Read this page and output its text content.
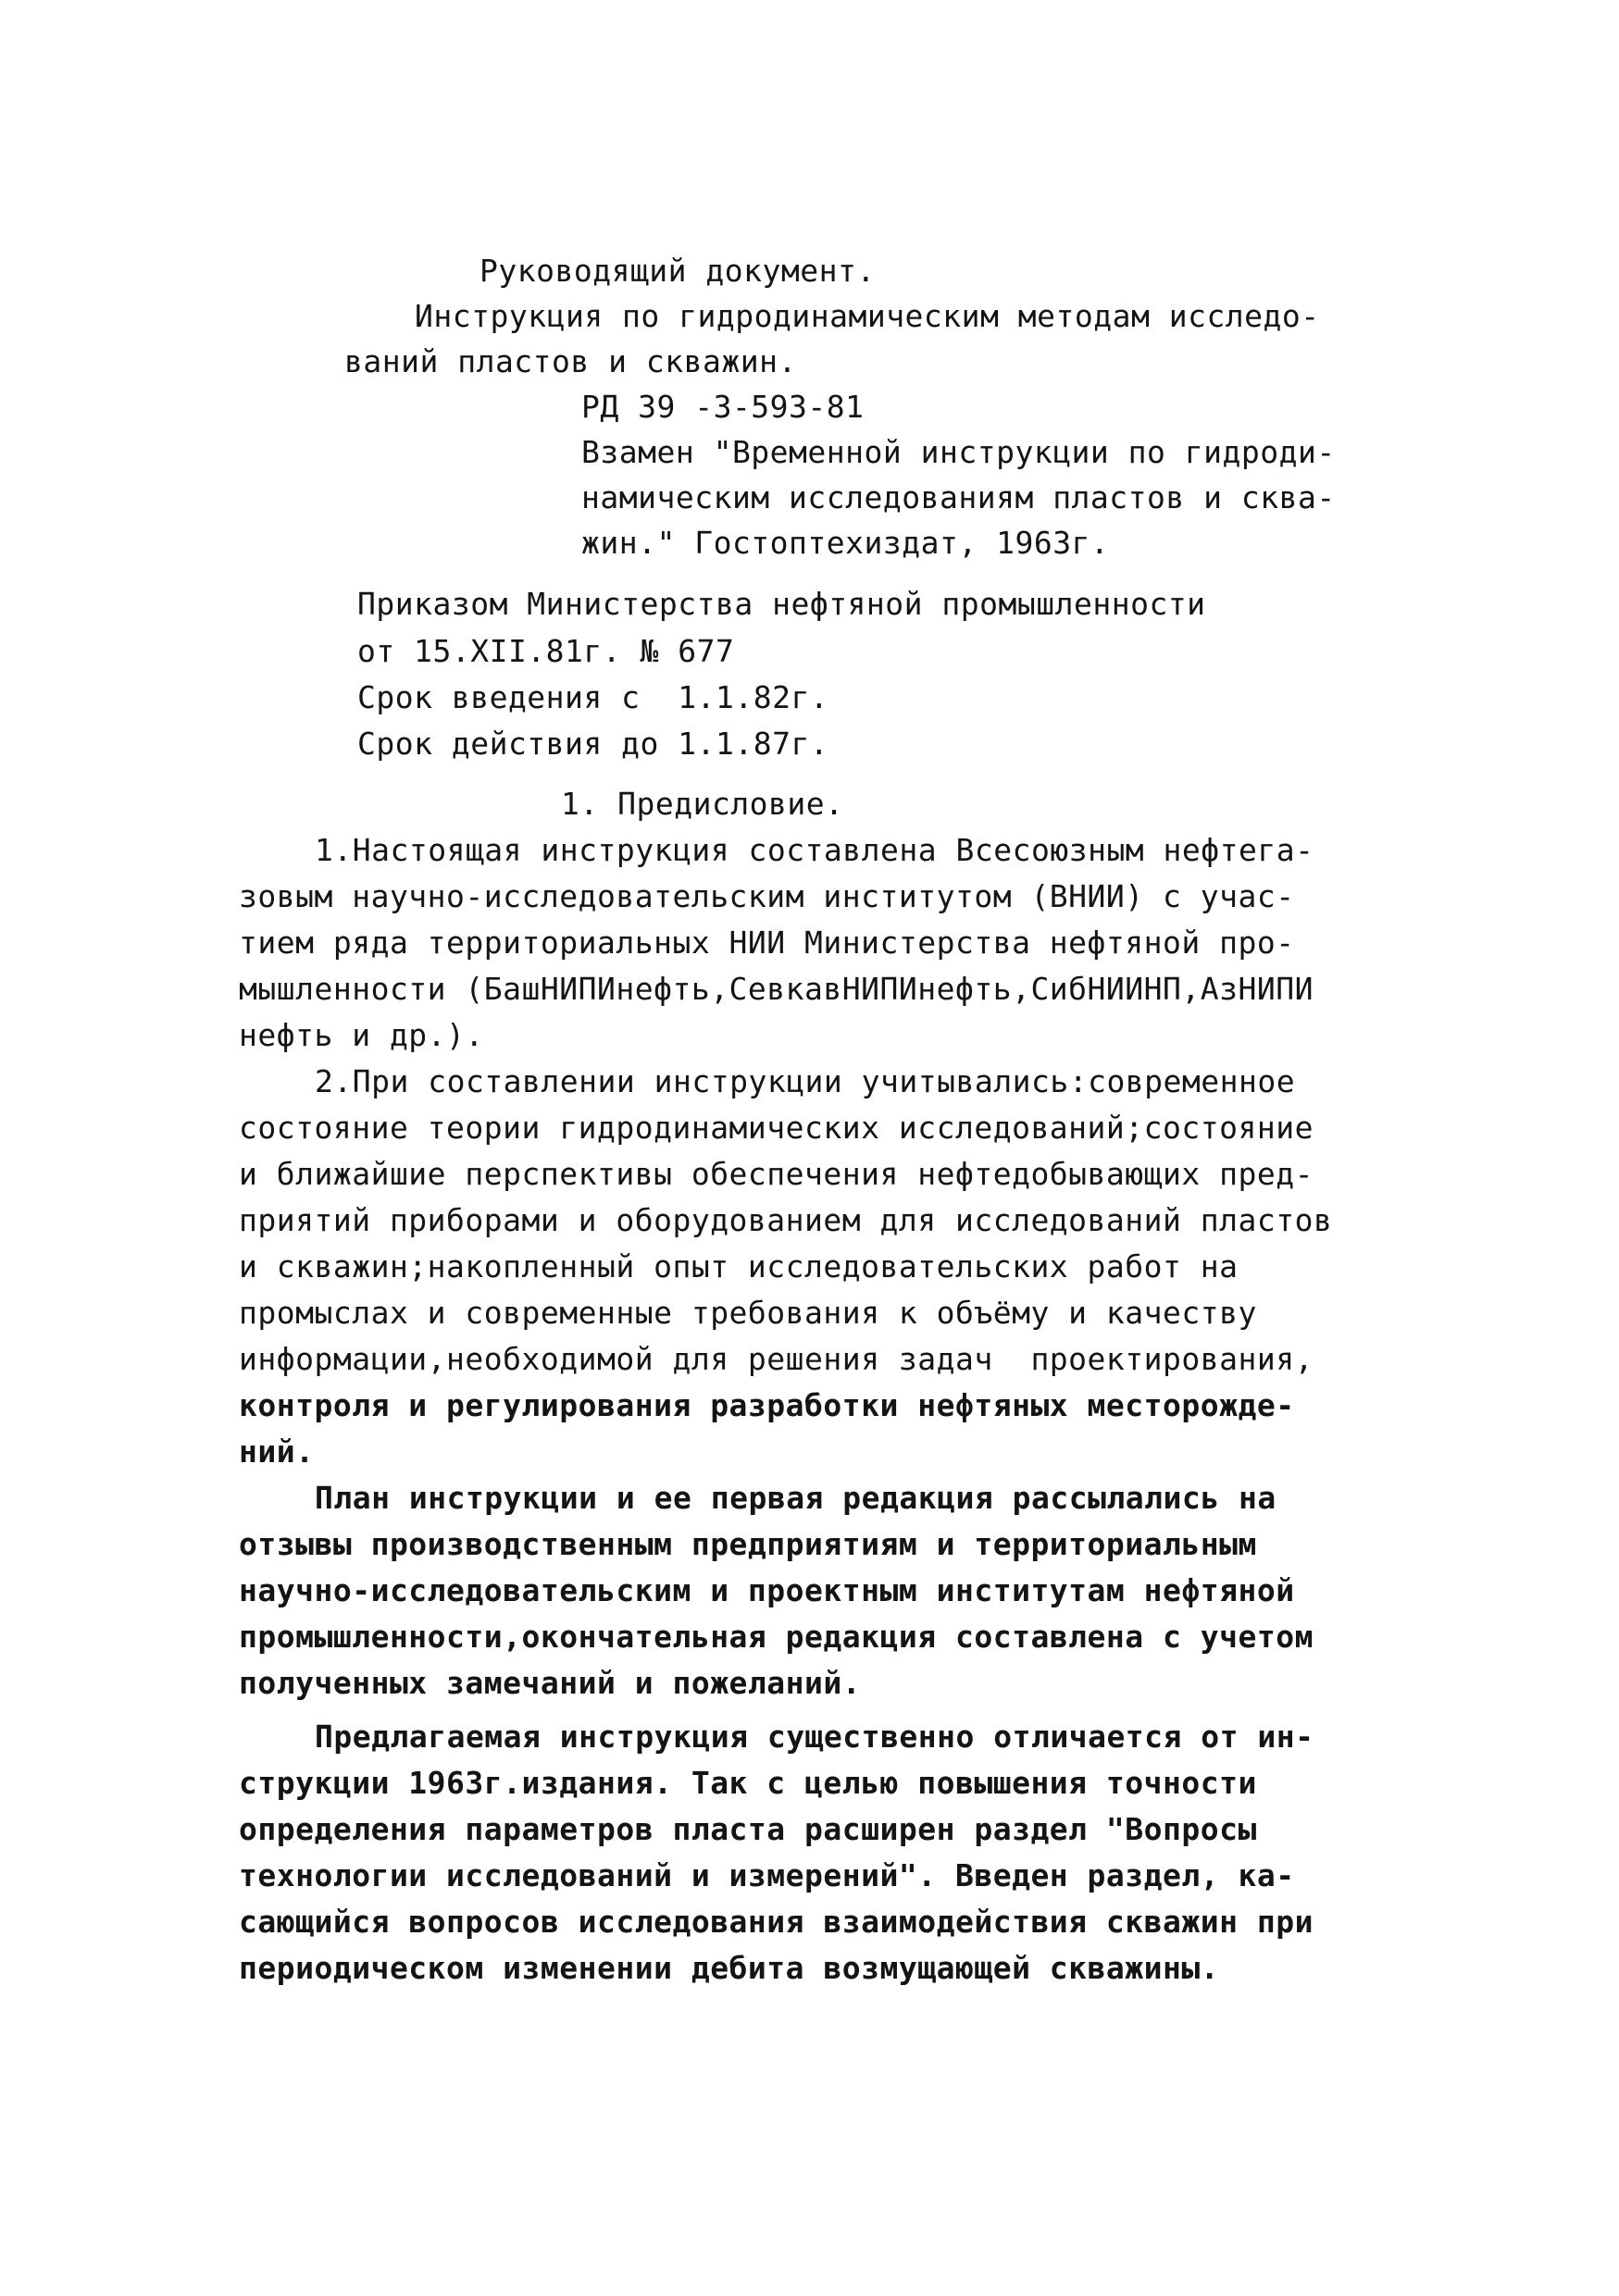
Руководящий документ.
Инструкция по гидродинамическим методам исследо-
ваний пластов и скважин.
РД 39 -3-593-81
Взамен "Временной инструкции по гидроди-
намическим исследованиям пластов и сква-
жин." Гостоптехиздат, 1963г.
Приказом Министерства нефтяной промышленности
от 15.XII.81г. № 677
Срок введения с  1.1.82г.
Срок действия до 1.1.87г.
1. Предисловие.
1.Настоящая инструкция составлена Всесоюзным нефтега-
зовым научно-исследовательским институтом (ВНИИ) с учас-
тием ряда территориальных НИИ Министерства нефтяной про-
мышленности (БашНИПИнефть,СевкавНИПИнефть,СибНИИНП,АзНИПИ
нефть и др.).
2.При составлении инструкции учитывались:современное
состояние теории гидродинамических исследований;состояние
и ближайшие перспективы обеспечения нефтедобывающих пред-
приятий приборами и оборудованием для исследований пластов
и скважин;накопленный опыт исследовательских работ на
промыслах и современные требования к объёму и качеству
информации,необходимой для решения задач  проектирования,
контроля и регулирования разработки нефтяных месторожде-
ний.
План инструкции и ее первая редакция рассылались на
отзывы производственным предприятиям и территориальным
научно-исследовательским и проектным институтам нефтяной
промышленности,окончательная редакция составлена с учетом
полученных замечаний и пожеланий.
Предлагаемая инструкция существенно отличается от ин-
струкции 1963г.издания. Так с целью повышения точности
определения параметров пласта расширен раздел "Вопросы
технологии исследований и измерений". Введен раздел, ка-
сающийся вопросов исследования взаимодействия скважин при
периодическом изменении дебита возмущающей скважины.
